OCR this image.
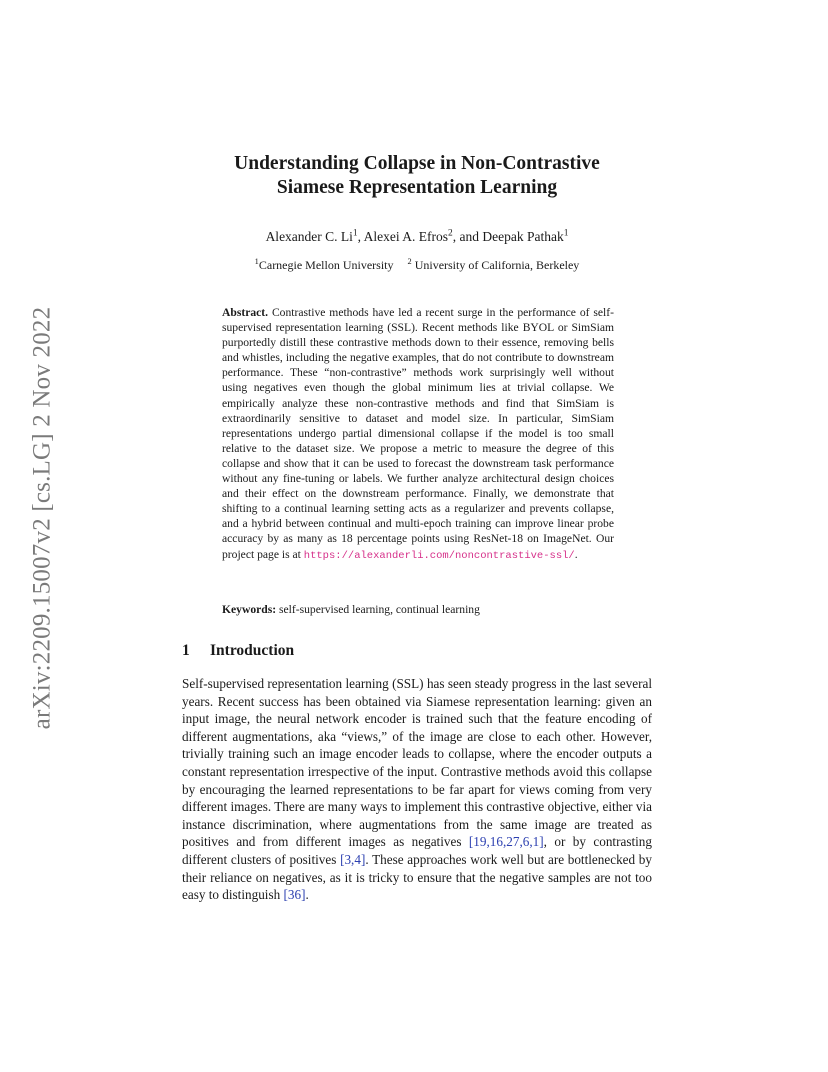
arXiv:2209.15007v2 [cs.LG] 2 Nov 2022
Understanding Collapse in Non-Contrastive
Siamese Representation Learning
Alexander C. Li$^1$, Alexei A. Efros$^2$, and Deepak Pathak$^1$
$^1$Carnegie Mellon University $^2$ University of California, Berkeley
Abstract. Contrastive methods have led a recent surge in the performance of self-supervised representation learning (SSL). Recent methods like BYOL or SimSiam purportedly distill these contrastive methods down to their essence, removing bells and whistles, including the negative examples, that do not contribute to downstream performance. These “non-contrastive” methods work surprisingly well without using negatives even though the global minimum lies at trivial collapse. We empirically analyze these non-contrastive methods and find that SimSiam is extraordinarily sensitive to dataset and model size. In particular, SimSiam representations undergo partial dimensional collapse if the model is too small relative to the dataset size. We propose a metric to measure the degree of this collapse and show that it can be used to forecast the downstream task performance without any fine-tuning or labels. We further analyze architectural design choices and their effect on the downstream performance. Finally, we demonstrate that shifting to a continual learning setting acts as a regularizer and prevents collapse, and a hybrid between continual and multi-epoch training can improve linear probe accuracy by as many as 18 percentage points using ResNet-18 on ImageNet. Our project page is at https://alexanderli.com/noncontrastive-ssl/.
Keywords: self-supervised learning, continual learning
1 Introduction
Self-supervised representation learning (SSL) has seen steady progress in the last several years. Recent success has been obtained via Siamese representation learning: given an input image, the neural network encoder is trained such that the feature encoding of different augmentations, aka “views,” of the image are close to each other. However, trivially training such an image encoder leads to collapse, where the encoder outputs a constant representation irrespective of the input. Contrastive methods avoid this collapse by encouraging the learned representations to be far apart for views coming from very different images. There are many ways to implement this contrastive objective, either via instance discrimination, where augmentations from the same image are treated as positives and from different images as negatives [19,16,27,6,1], or by contrasting different clusters of positives [3,4]. These approaches work well but are bottlenecked by their reliance on negatives, as it is tricky to ensure that the negative samples are not too easy to distinguish [36].
